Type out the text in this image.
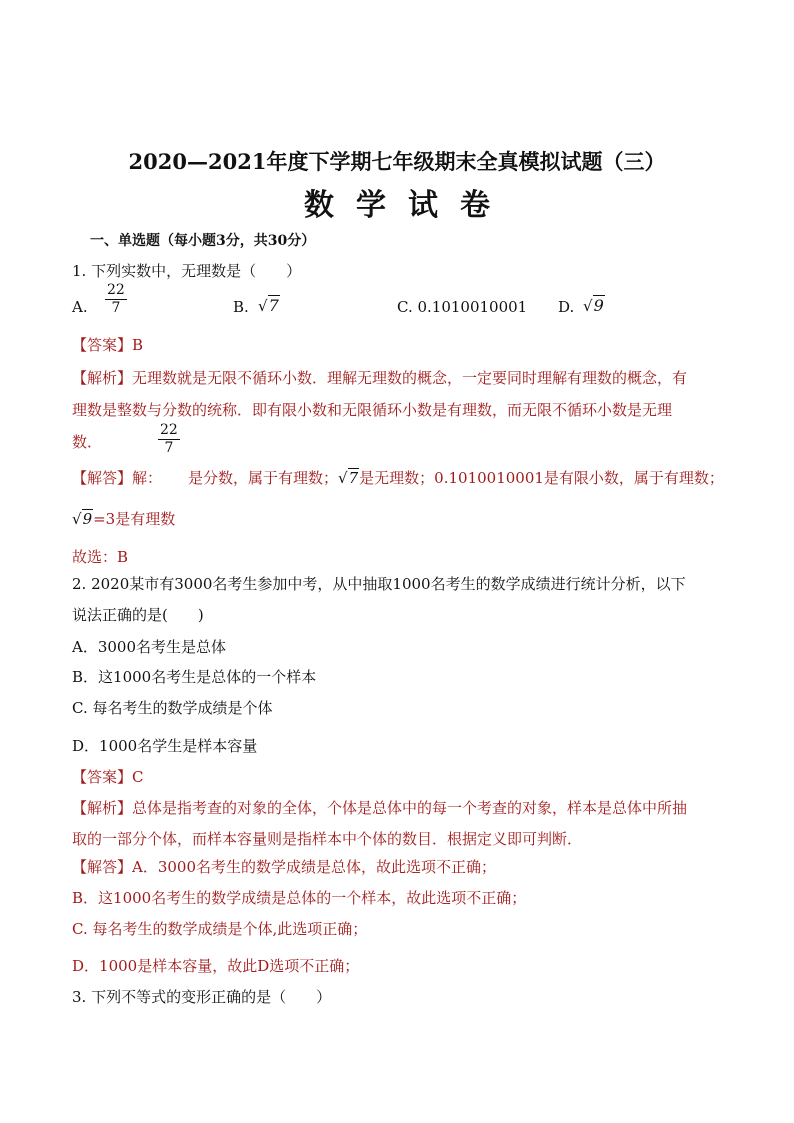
2020—2021年度下学期七年级期末全真模拟试题（三）
数学试卷
一、单选题（每小题3分，共30分）
1. 下列实数中，无理数是（　　）
A. $\frac{22}{7}$	B. √7	C. 0.1010010001 D. √9
【答案】B
【解析】无理数就是无限不循环小数．理解无理数的概念，一定要同时理解有理数的概念，有
理数是整数与分数的统称．即有限小数和无限循环小数是有理数，而无限不循环小数是无理
数．	$\frac{22}{7}$
【解答】解： 是分数，属于有理数；√7是无理数；0.1010010001是有限小数，属于有理数；
√9=3是有理数
故选：B
2. 2020某市有3000名考生参加中考，从中抽取1000名考生的数学成绩进行统计分析，以下
说法正确的是(　　)
A．3000名考生是总体
B．这1000名考生是总体的一个样本
C. 每名考生的数学成绩是个体
D．1000名学生是样本容量
【答案】C
【解析】总体是指考查的对象的全体，个体是总体中的每一个考查的对象，样本是总体中所抽
取的一部分个体，而样本容量则是指样本中个体的数目．根据定义即可判断．
【解答】A．3000名考生的数学成绩是总体，故此选项不正确；
B．这1000名考生的数学成绩是总体的一个样本，故此选项不正确；
C. 每名考生的数学成绩是个体,此选项正确；
D．1000是样本容量，故此D选项不正确；
3. 下列不等式的变形正确的是（　　）
